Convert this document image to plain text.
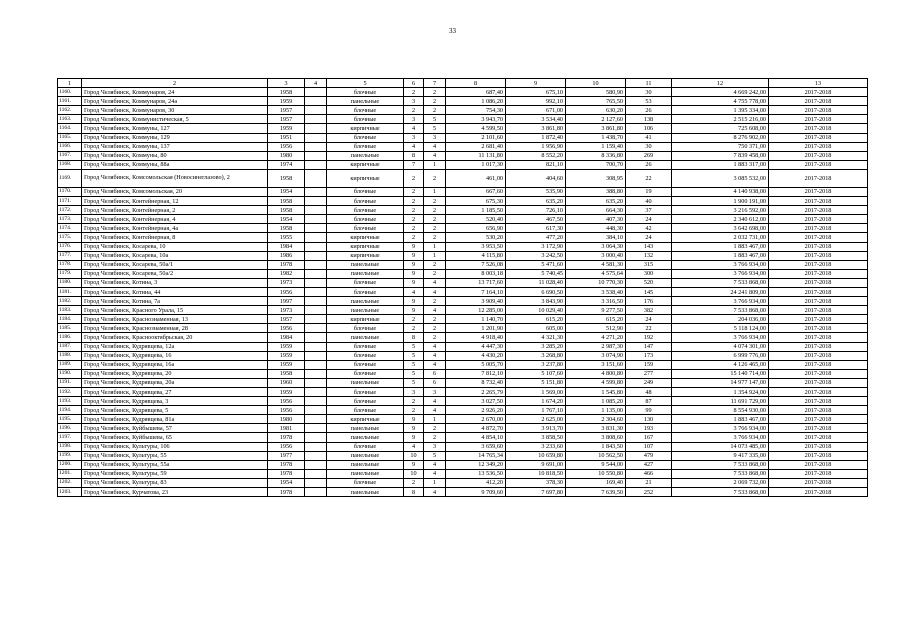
33
1	2	3	4	5	6	7	8	9	10	11	12	13
1160.	Город Челябинск, Коммунаров, 24	1958		блочные	2	2	687,40	675,10	580,90	30	4 669 242,00	2017-2018
1161.	Город Челябинск, Коммунаров, 24а	1959		панельные	3	2	1 086,20	992,10	765,50	53	4 755 778,00	2017-2018
1162.	Город Челябинск, Коммунаров, 30	1957		блочные	2	2	754,30	671,00	630,20	26	1 395 334,00	2017-2018
1163.	Город Челябинск, Коммунистическая, 5	1957		блочные	3	5	3 943,70	3 534,40	2 127,60	138	2 515 216,00	2017-2018
1164.	Город Челябинск, Коммуны, 127	1959		кирпичные	4	5	4 599,50	3 861,80	3 861,80	106	725 608,00	2017-2018
1165.	Город Челябинск, Коммуны, 129	1951		блочные	3	3	2 101,60	1 872,40	1 438,70	41	8 276 902,00	2017-2018
1166.	Город Челябинск, Коммуны, 137	1956		блочные	4	4	2 681,40	1 956,90	1 159,40	30	750 371,00	2017-2018
1167.	Город Челябинск, Коммуны, 80	1980		панельные	8	4	11 131,80	8 552,20	8 336,80	269	7 839 458,00	2017-2018
1168.	Город Челябинск, Коммуны, 88а	1974		кирпичные	7	1	1 017,30	821,10	700,70	26	1 883 317,00	2017-2018
1169.	Город Челябинск, Комсомольская (Новосинеглазово), 2	1958		кирпичные	2	2	461,00	404,60	308,95	22	3 085 532,00	2017-2018
1170.	Город Челябинск, Комсомольская, 20	1954		блочные	2	1	667,60	535,90	388,80	19	4 140 938,00	2017-2018
1171.	Город Челябинск, Контейнерная, 12	1958		блочные	2	2	675,30	635,20	635,20	40	1 900 191,00	2017-2018
1172.	Город Челябинск, Контейнерная, 2	1958		блочные	2	2	1 185,50	726,10	664,30	37	3 216 592,00	2017-2018
1173.	Город Челябинск, Контейнерная, 4	1954		блочные	2	2	520,40	467,50	407,30	24	2 340 612,00	2017-2018
1174.	Город Челябинск, Контейнерная, 4а	1958		блочные	2	2	656,90	617,30	448,30	42	3 642 698,00	2017-2018
1175.	Город Челябинск, Контейнерная, 8	1955		кирпичные	2	2	530,20	477,20	384,10	24	2 032 731,00	2017-2018
1176.	Город Челябинск, Косарева, 10	1984		кирпичные	9	1	3 953,50	3 172,90	3 064,30	143	1 883 467,00	2017-2018
1177.	Город Челябинск, Косарева, 10а	1986		кирпичные	9	1	4 115,80	3 242,50	3 000,40	132	1 883 467,00	2017-2018
1178.	Город Челябинск, Косарева, 50а/1	1978		панельные	9	2	7 526,08	5 471,60	4 581,30	315	3 766 934,00	2017-2018
1179.	Город Челябинск, Косарева, 50а/2	1982		панельные	9	2	8 003,18	5 740,45	4 575,64	300	3 766 934,00	2017-2018
1180.	Город Челябинск, Котина, 3	1973		блочные	9	4	13 717,60	11 028,40	10 770,30	520	7 533 868,00	2017-2018
1181.	Город Челябинск, Котина, 44	1956		блочные	4	4	7 164,10	6 690,50	3 538,40	145	24 241 809,00	2017-2018
1182.	Город Челябинск, Котина, 7а	1997		панельные	9	2	3 909,40	3 843,90	3 316,50	176	3 766 934,00	2017-2018
1183.	Город Челябинск, Красного Урала, 15	1973		панельные	9	4	12 285,00	10 029,40	9 277,50	382	7 533 868,00	2017-2018
1184.	Город Челябинск, Краснознаменная, 13	1957		кирпичные	2	2	1 140,70	615,20	615,20	24	204 036,00	2017-2018
1185.	Город Челябинск, Краснознаменная, 28	1956		блочные	2	2	1 201,90	605,00	512,90	22	5 118 124,00	2017-2018
1186.	Город Челябинск, Краснооктябрьская, 20	1984		панельные	8	2	4 918,40	4 321,30	4 271,20	192	3 766 934,00	2017-2018
1187.	Город Челябинск, Кудрявцева, 12а	1959		блочные	5	4	4 447,30	3 285,20	2 987,30	147	4 074 301,00	2017-2018
1188.	Город Челябинск, Кудрявцева, 16	1959		блочные	5	4	4 430,20	3 268,80	3 074,90	173	6 999 776,00	2017-2018
1189.	Город Челябинск, Кудрявцева, 16а	1959		блочные	5	4	5 005,70	3 237,80	3 151,60	159	4 126 465,00	2017-2018
1190.	Город Челябинск, Кудрявцева, 20	1958		блочные	5	6	7 812,10	5 107,60	4 800,80	277	15 140 714,00	2017-2018
1191.	Город Челябинск, Кудрявцева, 20а	1960		панельные	5	6	8 732,40	5 151,80	4 599,80	249	14 977 147,00	2017-2018
1192.	Город Челябинск, Кудрявцева, 27	1959		блочные	3	3	2 265,79	1 569,00	1 545,80	48	1 354 924,00	2017-2018
1193.	Город Челябинск, Кудрявцева, 3	1956		блочные	2	4	3 027,50	1 674,20	1 085,20	87	11 691 729,00	2017-2018
1194.	Город Челябинск, Кудрявцева, 5	1956		блочные	2	4	2 926,20	1 767,10	1 135,00	99	8 554 930,00	2017-2018
1195.	Город Челябинск, Кудрявцева, 81а	1980		кирпичные	9	1	2 670,00	2 625,00	2 304,60	130	1 883 467,00	2017-2018
1196.	Город Челябинск, Куйбышева, 57	1981		панельные	9	2	4 872,70	3 913,70	3 831,30	193	3 766 934,00	2017-2018
1197.	Город Челябинск, Куйбышева, 65	1978		панельные	9	2	4 854,10	3 858,50	3 808,60	167	3 766 934,00	2017-2018
1198.	Город Челябинск, Культуры, 106	1956		блочные	4	3	3 659,60	3 233,60	1 843,50	107	14 073 485,00	2017-2018
1199.	Город Челябинск, Культуры, 55	1977		панельные	10	5	14 765,34	10 659,80	10 562,50	479	9 417 335,00	2017-2018
1200.	Город Челябинск, Культуры, 55а	1978		панельные	9	4	12 349,20	9 691,00	9 544,00	427	7 533 868,00	2017-2018
1201.	Город Челябинск, Культуры, 59	1978		панельные	10	4	13 536,50	10 818,50	10 550,80	466	7 533 868,00	2017-2018
1202.	Город Челябинск, Культуры, 83	1954		блочные	2	1	412,20	378,30	169,40	21	2 069 732,00	2017-2018
1203.	Город Челябинск, Курчатова, 23	1978		панельные	8	4	9 709,60	7 697,80	7 639,50	252	7 533 868,00	2017-2018
